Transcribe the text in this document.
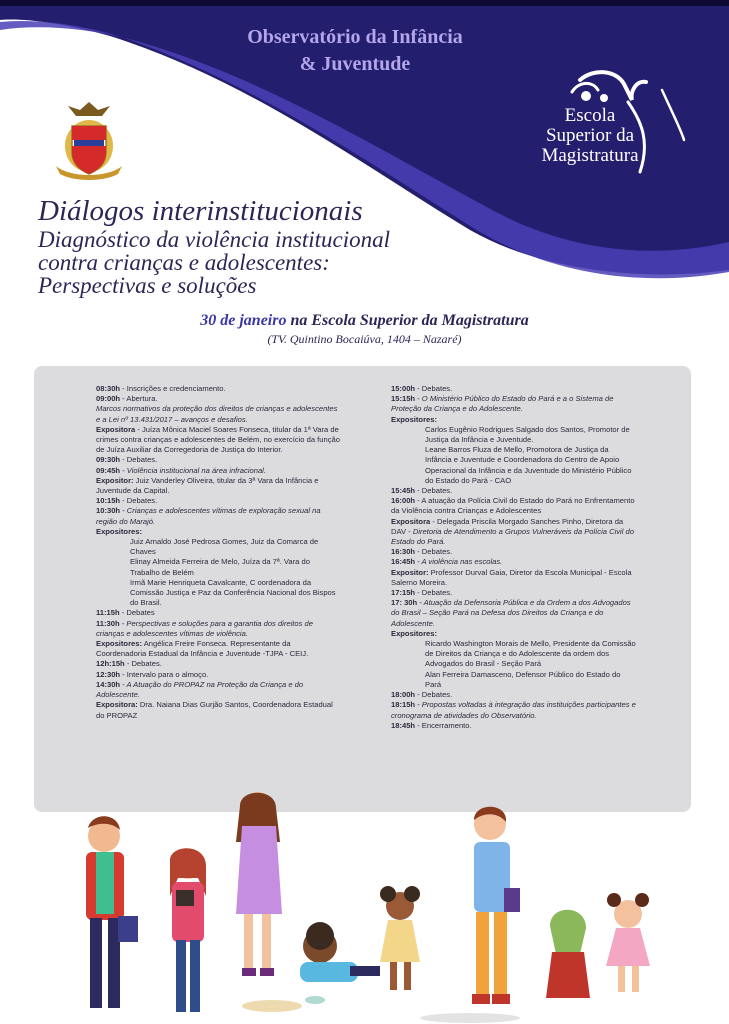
Observatório da Infância
& Juventude
Escola
Superior da
Magistratura
Diálogos interinstitucionais
Diagnóstico da violência institucional
contra crianças e adolescentes:
Perspectivas e soluções
30 de janeiro na Escola Superior da Magistratura
(TV. Quintino Bocaiúva, 1404 – Nazaré)

08:30h - Inscrições e credenciamento.

09:00h - Abertura.

Marcos normativos da proteção dos direitos de crianças e adolescentes e a Lei nº 13.431/2017 – avanços e desafios.

Expositora - Juíza Mônica Maciel Soares Fonseca, titular da 1ª Vara de crimes contra crianças e adolescentes de Belém, no exercício da função de Juíza Auxiliar da Corregedoria de Justiça do Interior.

09:30h - Debates.

09:45h - Violência institucional na área infracional.

Expositor: Juiz Vanderley Oliveira, titular da 3ª Vara da Infância e Juventude da Capital.

10:15h - Debates.

10:30h - Crianças e adolescentes vítimas de exploração sexual na região do Marajó.

Expositores:

Juiz Arnaldo José Pedrosa Gomes, Juiz da Comarca de Chaves

Elinay Almeida Ferreira de Melo, Juíza da 7ª. Vara do Trabalho de Belém

Irmã Marie Henriqueta Cavalcante, C oordenadora da Comissão Justiça e Paz da Conferência Nacional dos Bispos do Brasil.

11:15h - Debates

11:30h - Perspectivas e soluções para a garantia dos direitos de crianças e adolescentes vítimas de violência.

Expositores: Angélica Freire Fonseca. Representante da Coordenadoria Estadual da Infância e Juventude -TJPA - CEIJ.

12h:15h - Debates.

12:30h - Intervalo para o almoço.

14:30h - A Atuação do PROPAZ na Proteção da Criança e do Adolescente.

Expositora: Dra. Naiana Dias Gurjão Santos, Coordenadora Estadual do PROPAZ

15:00h - Debates.

15:15h - O Ministério Público do Estado do Pará e a o Sistema de Proteção da Criança e do Adolescente.

Expositores:

Carlos Eugênio Rodrigues Salgado dos Santos, Promotor de Justiça da Infância e Juventude.

Leane Barros Fluza de Mello, Promotora de Justiça da Infância e Juventude e Coordenadora do Centro de Apoio Operacional da Infância e da Juventude do Ministério Público do Estado do Pará - CAO

15:45h - Debates.

16:00h - A atuação da Polícia Civil do Estado do Pará no Enfrentamento da Violência contra Crianças e Adolescentes

Expositora - Delegada Priscila Morgado Sanches Pinho, Diretora da DAV - Diretoria de Atendimento a Grupos Vulneráveis da Polícia Civil do Estado do Pará.

16:30h - Debates.

16:45h - A violência nas escolas.

Expositor: Professor Durval Gaia, Diretor da Escola Municipal - Escola Salerno Moreira.

17:15h - Debates.

17: 30h - Atuação da Defensoria Pública e da Ordem a dos Advogados do Brasil – Seção Pará na Defesa dos Direitos da Criança e do Adolescente.

Expositores:

Ricardo Washington Morais de Mello, Presidente da Comissão de Direitos da Criança e do Adolescente da ordem dos Advogados do Brasil - Seção Pará

Alan Ferreira Damasceno, Defensor Público do Estado do Pará

18:00h - Debates.

18:15h - Propostas voltadas à integração das instituições participantes e cronograma de atividades do Observatório.

18:45h - Encerramento.
